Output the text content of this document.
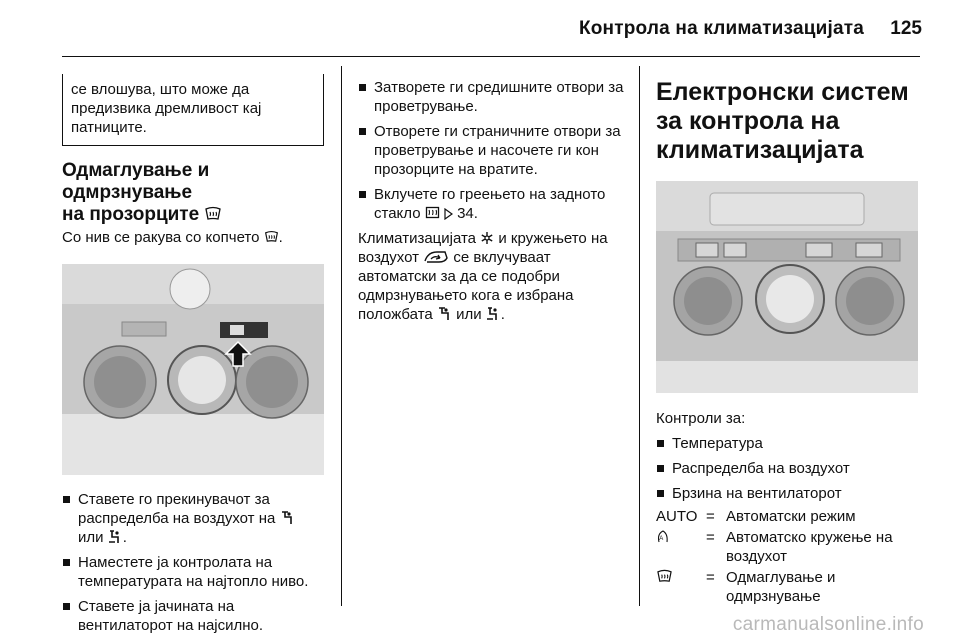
Контрола на климатизацијата 125

се влошува, што може да предизвика дремливост кај патниците.

Одмаглување и одмрзнување
на прозорците
Со нив се ракува со копчето .
Ставете го прекинувачот за распределба на воздухот на  или .
Наместете ја контролата на температурата на најтопло ниво.
Ставете ја јачината на вентилаторот на најсилно.
Затворете ги средишните отвори за проветрување.
Отворете ги страничните отвори за проветрување и насочете ги кон прозорците на вратите.
Вклучете го греењето на задното стакло   34.

Климатизацијата и кружењето на воздухот се вклучуваат автоматски за да се подобри одмрзнувањето кога е избрана положбата или .

Електронски систем за контрола на климатизацијата
Контроли за:
Температура
Распределба на воздухот
Брзина на вентилаторот
AUTO = Автоматски режим
A	= Автоматско кружење на воздухот
= Одмаглување и одмрзнување
carmanualsonline.info
